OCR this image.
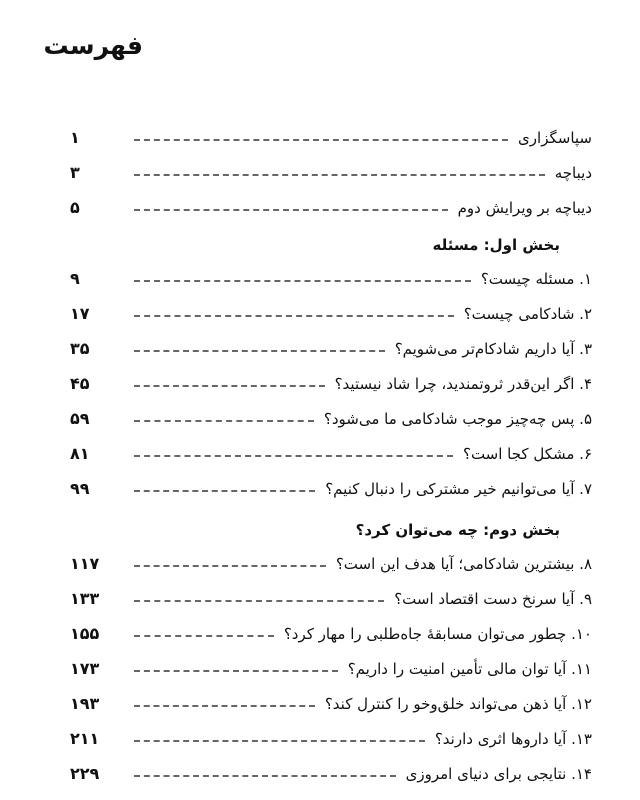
فهرست
سپاسگزاری
۱
دیباچه
۳
دیباچه بر ویرایش دوم
۵
بخش اول: مسئله
۱. مسئله چیست؟
۹
۲. شادکامی چیست؟
۱۷
۳. آیا داریم شادکام‌تر می‌شویم؟
۳۵
۴. اگر این‌قدر ثروتمندید، چرا شاد نیستید؟
۴۵
۵. پس چه‌چیز موجب شادکامی ما می‌شود؟
۵۹
۶. مشکل کجا است؟
۸۱
۷. آیا می‌توانیم خیر مشترکی را دنبال کنیم؟
۹۹
بخش دوم: چه می‌توان کرد؟
۸. بیشترین شادکامی؛ آیا هدف این است؟
۱۱۷
۹. آیا سرنخ دست اقتصاد است؟
۱۳۳
۱۰. چطور می‌توان مسابقهٔ جاه‌طلبی را مهار کرد؟
۱۵۵
۱۱. آیا توان مالی تأمین امنیت را داریم؟
۱۷۳
۱۲. آیا ذهن می‌تواند خلق‌وخو را کنترل کند؟
۱۹۳
۱۳. آیا داروها اثری دارند؟
۲۱۱
۱۴. نتایجی برای دنیای امروزی
۲۲۹
